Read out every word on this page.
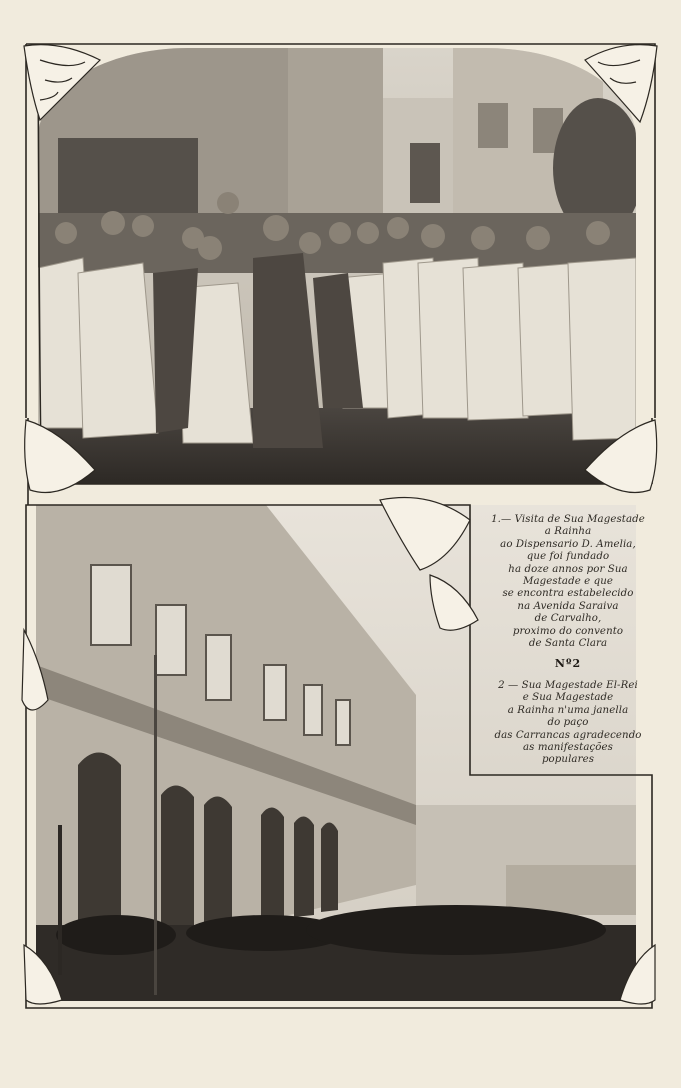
1.— Visita de Sua Magestade
a Rainha
ao Dispensario D. Amelia,
que foi fundado
ha doze annos por Sua
Magestade e que
se encontra estabelecido
na Avenida Saraiva
de Carvalho,
proximo do convento
de Santa Clara
Nº2
2 — Sua Magestade El-Rei
e Sua Magestade
a Rainha n'uma janella
do paço
das Carrancas agradecendo
as manifestações
populares
